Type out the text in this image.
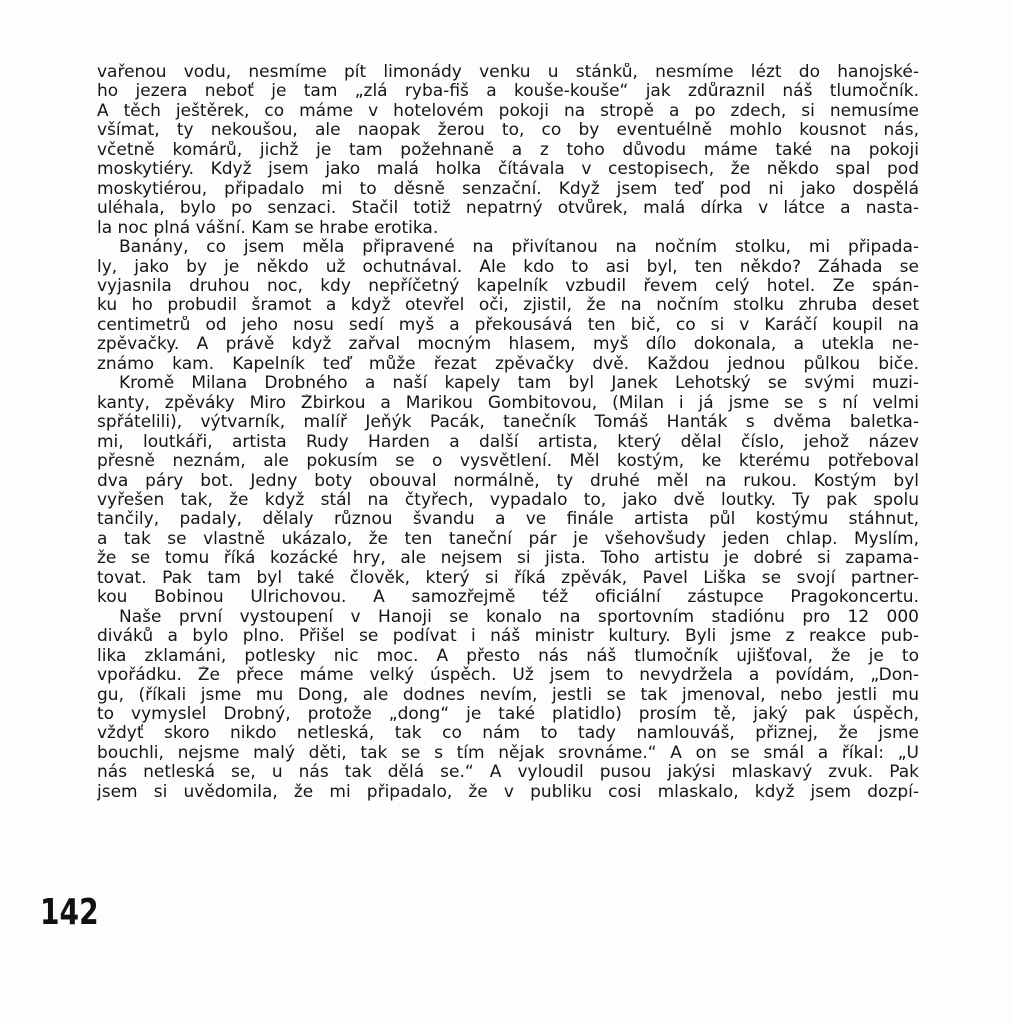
vařenou vodu, nesmíme pít limonády venku u stánků, nesmíme lézt do hanojské-
ho jezera neboť je tam „zlá ryba-fiš a kouše-kouše“ jak zdůraznil náš tlumočník.
A těch ještěrek, co máme v hotelovém pokoji na stropě a po zdech, si nemusíme
všímat, ty nekoušou, ale naopak žerou to, co by eventuélně mohlo kousnot nás,
včetně komárů, jichž je tam požehnaně a z toho důvodu máme také na pokoji
moskytiéry. Když jsem jako malá holka čítávala v cestopisech, že někdo spal pod
moskytiérou, připadalo mi to děsně senzační. Když jsem teď pod ni jako dospělá
uléhala, bylo po senzaci. Stačil totiž nepatrný otvůrek, malá dírka v látce a nasta-
la noc plná vášní. Kam se hrabe erotika.
Banány, co jsem měla připravené na přivítanou na nočním stolku, mi připada-
ly, jako by je někdo už ochutnával. Ale kdo to asi byl, ten někdo? Záhada se
vyjasnila druhou noc, kdy nepříčetný kapelník vzbudil řevem celý hotel. Ze spán-
ku ho probudil šramot a když otevřel oči, zjistil, že na nočním stolku zhruba deset
centimetrů od jeho nosu sedí myš a překousává ten bič, co si v Karáčí koupil na
zpěvačky. A právě když zařval mocným hlasem, myš dílo dokonala, a utekla ne-
známo kam. Kapelník teď může řezat zpěvačky dvě. Každou jednou půlkou biče.
Kromě Milana Drobného a naší kapely tam byl Janek Lehotský se svými muzi-
kanty, zpěváky Miro Žbirkou a Marikou Gombitovou, (Milan i já jsme se s ní velmi
spřátelili), výtvarník, malíř Jeňýk Pacák, tanečník Tomáš Hanták s dvěma baletka-
mi, loutkáři, artista Rudy Harden a další artista, který dělal číslo, jehož název
přesně neznám, ale pokusím se o vysvětlení. Měl kostým, ke kterému potřeboval
dva páry bot. Jedny boty obouval normálně, ty druhé měl na rukou. Kostým byl
vyřešen tak, že když stál na čtyřech, vypadalo to, jako dvě loutky. Ty pak spolu
tančily, padaly, dělaly různou švandu a ve finále artista půl kostýmu stáhnut,
a tak se vlastně ukázalo, že ten taneční pár je všehovšudy jeden chlap. Myslím,
že se tomu říká kozácké hry, ale nejsem si jista. Toho artistu je dobré si zapama-
tovat. Pak tam byl také člověk, který si říká zpěvák, Pavel Liška se svojí partner-
kou Bobinou Ulrichovou. A samozřejmě též oficiální zástupce Pragokoncertu.
Naše první vystoupení v Hanoji se konalo na sportovním stadiónu pro 12 000
diváků a bylo plno. Přišel se podívat i náš ministr kultury. Byli jsme z reakce pub-
lika zklamáni, potlesky nic moc. A přesto nás náš tlumočník ujišťoval, že je to
vpořádku. Že přece máme velký úspěch. Už jsem to nevydržela a povídám, „Don-
gu, (říkali jsme mu Dong, ale dodnes nevím, jestli se tak jmenoval, nebo jestli mu
to vymyslel Drobný, protože „dong“ je také platidlo) prosím tě, jaký pak úspěch,
vždyť skoro nikdo netleská, tak co nám to tady namlouváš, přiznej, že jsme
bouchli, nejsme malý děti, tak se s tím nějak srovnáme.“ A on se smál a říkal: „U
nás netleská se, u nás tak dělá se.“ A vyloudil pusou jakýsi mlaskavý zvuk. Pak
jsem si uvědomila, že mi připadalo, že v publiku cosi mlaskalo, když jsem dozpí-
142
